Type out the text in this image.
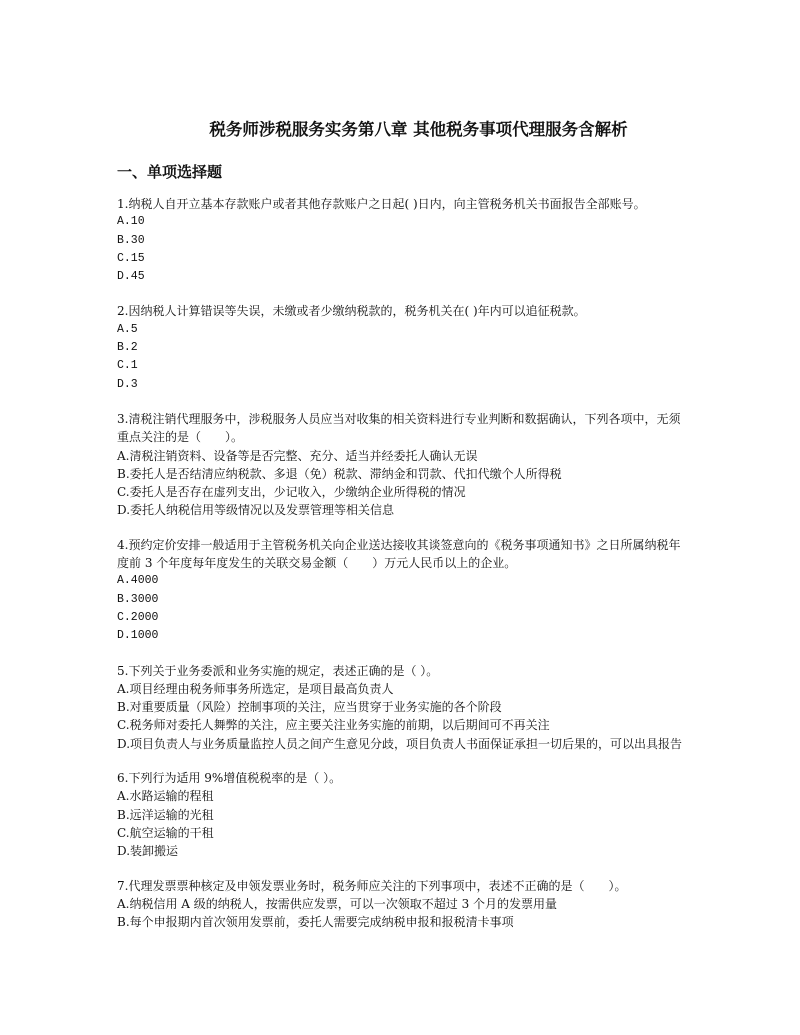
税务师涉税服务实务第八章 其他税务事项代理服务含解析
一、单项选择题

1.纳税人自开立基本存款账户或者其他存款账户之日起( )日内，向主管税务机关书面报告全部账号。

A.10

B.30

C.15

D.45

2.因纳税人计算错误等失误，未缴或者少缴纳税款的，税务机关在( )年内可以追征税款。

A.5

B.2

C.1

D.3

3.清税注销代理服务中，涉税服务人员应当对收集的相关资料进行专业判断和数据确认，下列各项中，无须重点关注的是（　　）。

A.清税注销资料、设备等是否完整、充分、适当并经委托人确认无误

B.委托人是否结清应纳税款、多退（免）税款、滞纳金和罚款、代扣代缴个人所得税

C.委托人是否存在虚列支出，少记收入，少缴纳企业所得税的情况

D.委托人纳税信用等级情况以及发票管理等相关信息

4.预约定价安排一般适用于主管税务机关向企业送达接收其谈签意向的《税务事项通知书》之日所属纳税年度前 3 个年度每年度发生的关联交易金额（　　）万元人民币以上的企业。

A.4000

B.3000

C.2000

D.1000

5.下列关于业务委派和业务实施的规定，表述正确的是（ ）。

A.项目经理由税务师事务所选定，是项目最高负责人

B.对重要质量（风险）控制事项的关注，应当贯穿于业务实施的各个阶段

C.税务师对委托人舞弊的关注，应主要关注业务实施的前期，以后期间可不再关注

D.项目负责人与业务质量监控人员之间产生意见分歧，项目负责人书面保证承担一切后果的，可以出具报告

6.下列行为适用 9%增值税税率的是（ ）。

A.水路运输的程租

B.远洋运输的光租

C.航空运输的干租

D.装卸搬运

7.代理发票票种核定及申领发票业务时，税务师应关注的下列事项中，表述不正确的是（　　）。

A.纳税信用 A 级的纳税人，按需供应发票，可以一次领取不超过 3 个月的发票用量

B.每个申报期内首次领用发票前，委托人需要完成纳税申报和报税清卡事项
